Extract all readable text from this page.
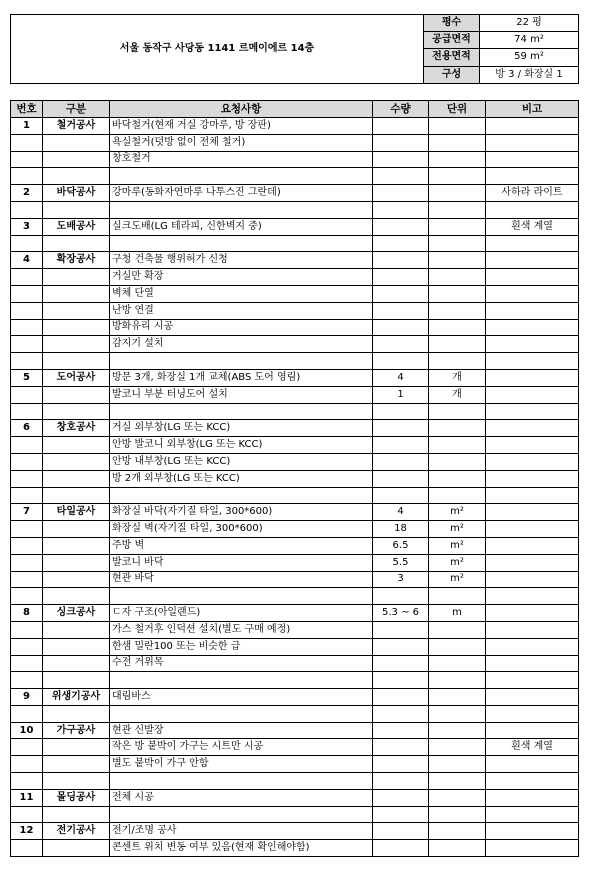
서울 동작구 사당동 1141 르메이에르 14층	평수	22 평
	공급면적	74 m²
	전용면적	59 m²
	구성	방 3 / 화장실 1
번호	구분	요청사항	수량	단위	비고
1	철거공사	바닥철거(현재 거실 강마루, 방 장판)			
		욕실철거(덧방 없이 전체 철거)			
		창호철거			

2	바닥공사	강마루(동화자연마루 나투스진 그란데)			사하라 라이트

3	도배공사	실크도배(LG 테라피, 신한벽지 중)			흰색 계열

4	확장공사	구청 건축물 행위허가 신청			
		거실만 확장			
		벽체 단열			
		난방 연결			
		방화유리 시공			
		감지기 설치			

5	도어공사	방문 3개, 화장실 1개 교체(ABS 도어 영림)	4	개	
		발코니 부분 터닝도어 설치	1	개	

6	창호공사	거실 외부창(LG 또는 KCC)			
		안방 발코니 외부창(LG 또는 KCC)			
		안방 내부창(LG 또는 KCC)			
		방 2개 외부창(LG 또는 KCC)			

7	타일공사	화장실 바닥(자기질 타일, 300*600)	4	m²	
		화장실 벽(자기질 타일, 300*600)	18	m²	
		주방 벽	6.5	m²	
		발코니 바닥	5.5	m²	
		현관 바닥	3	m²	

8	싱크공사	ㄷ자 구조(아일랜드)	5.3 ~ 6	m	
		가스 철거후 인덕션 설치(별도 구매 예정)			
		한샘 밀란100 또는 비슷한 급			
		수전 거위목			

9	위생기공사	대림바스			

10	가구공사	현관 신발장			
		작은 방 붙박이 가구는 시트만 시공			흰색 계열
		별도 붙박이 가구 안함			

11	몰딩공사	전체 시공			

12	전기공사	전기/조명 공사			
		콘센트 위치 변동 여부 있음(현재 확인해야함)			
